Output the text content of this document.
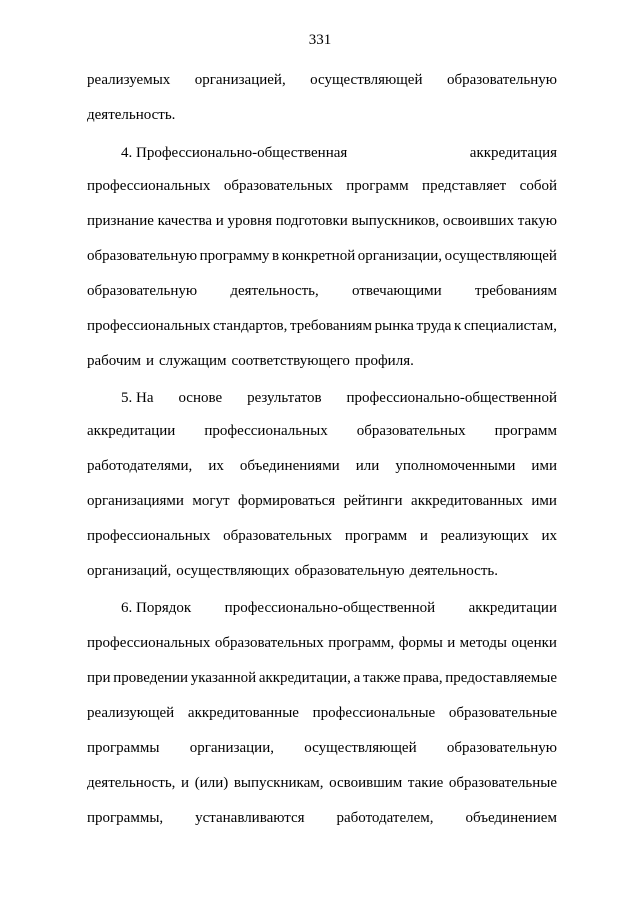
331
реализуемых организацией, осуществляющей образовательную
деятельность.
4. Профессионально-общественная	аккредитация
профессиональных образовательных программ представляет собой
признание качества и уровня подготовки выпускников, освоивших такую
образовательную программу в конкретной организации, осуществляющей
образовательную деятельность, отвечающими требованиям
профессиональных стандартов, требованиям рынка труда к специалистам,
рабочим и служащим соответствующего профиля.
5. На основе результатов профессионально-общественной
аккредитации профессиональных образовательных программ
работодателями, их объединениями или уполномоченными ими
организациями могут формироваться рейтинги аккредитованных ими
профессиональных образовательных программ и реализующих их
организаций, осуществляющих образовательную деятельность.
6. Порядок профессионально-общественной аккредитации
профессиональных образовательных программ, формы и методы оценки
при проведении указанной аккредитации, а также права, предоставляемые
реализующей аккредитованные профессиональные образовательные
программы организации, осуществляющей образовательную
деятельность, и (или) выпускникам, освоившим такие образовательные
программы, устанавливаются работодателем, объединением
